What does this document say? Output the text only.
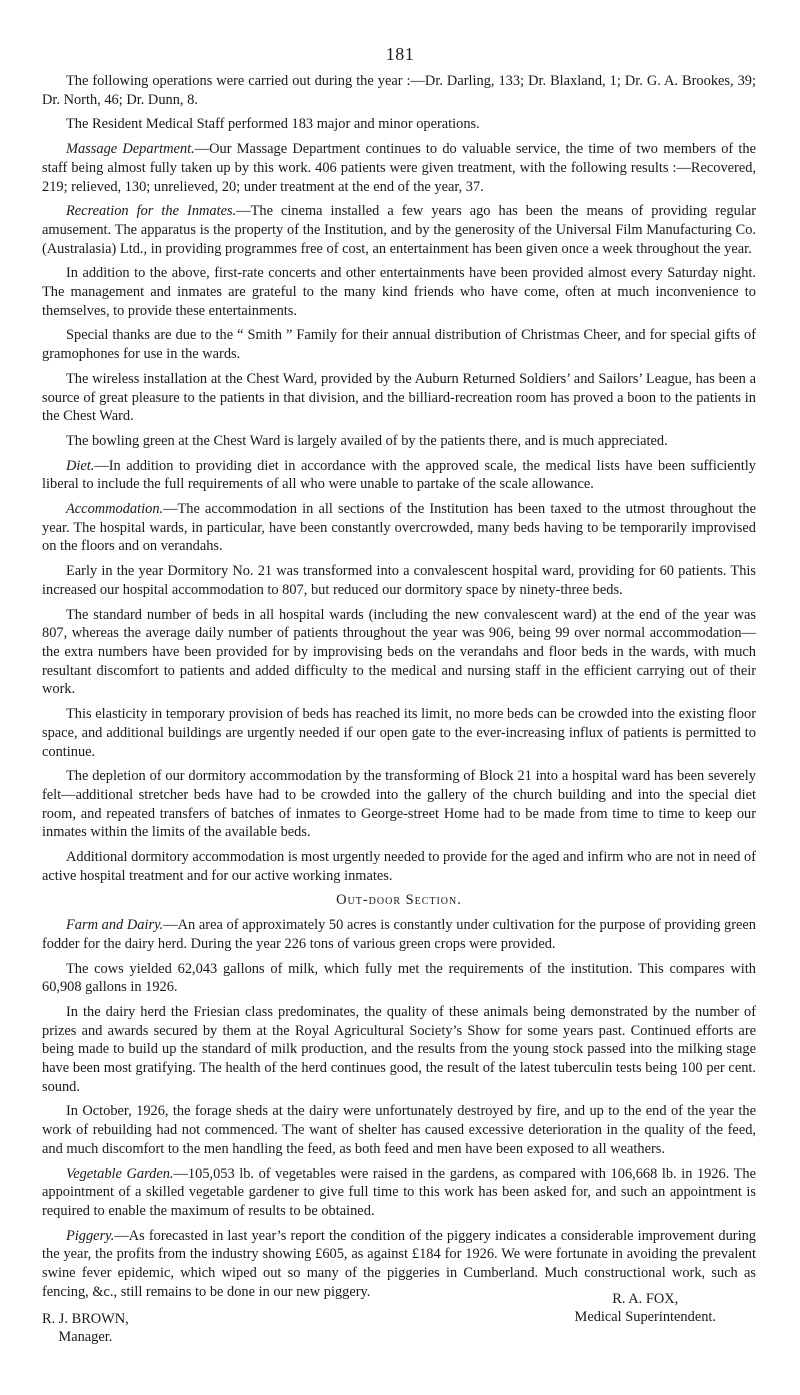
181

The following operations were carried out during the year :—Dr. Darling, 133; Dr. Blaxland, 1; Dr. G. A. Brookes, 39; Dr. North, 46; Dr. Dunn, 8.

The Resident Medical Staff performed 183 major and minor operations.

Massage Department.—Our Massage Department continues to do valuable service, the time of two members of the staff being almost fully taken up by this work. 406 patients were given treatment, with the following results :—Recovered, 219; relieved, 130; unrelieved, 20; under treatment at the end of the year, 37.

Recreation for the Inmates.—The cinema installed a few years ago has been the means of providing regular amusement. The apparatus is the property of the Institution, and by the generosity of the Universal Film Manufacturing Co. (Australasia) Ltd., in providing programmes free of cost, an entertainment has been given once a week throughout the year.

In addition to the above, first-rate concerts and other entertainments have been provided almost every Saturday night. The management and inmates are grateful to the many kind friends who have come, often at much inconvenience to themselves, to provide these entertainments.

Special thanks are due to the “ Smith ” Family for their annual distribution of Christmas Cheer, and for special gifts of gramophones for use in the wards.

The wireless installation at the Chest Ward, provided by the Auburn Returned Soldiers’ and Sailors’ League, has been a source of great pleasure to the patients in that division, and the billiard-recreation room has proved a boon to the patients in the Chest Ward.

The bowling green at the Chest Ward is largely availed of by the patients there, and is much appreciated.

Diet.—In addition to providing diet in accordance with the approved scale, the medical lists have been sufficiently liberal to include the full requirements of all who were unable to partake of the scale allowance.

Accommodation.—The accommodation in all sections of the Institution has been taxed to the utmost throughout the year. The hospital wards, in particular, have been constantly overcrowded, many beds having to be temporarily improvised on the floors and on verandahs.

Early in the year Dormitory No. 21 was transformed into a convalescent hospital ward, providing for 60 patients. This increased our hospital accommodation to 807, but reduced our dormitory space by ninety-three beds.

The standard number of beds in all hospital wards (including the new convalescent ward) at the end of the year was 807, whereas the average daily number of patients throughout the year was 906, being 99 over normal accommodation—the extra numbers have been provided for by improvising beds on the verandahs and floor beds in the wards, with much resultant discomfort to patients and added difficulty to the medical and nursing staff in the efficient carrying out of their work.

This elasticity in temporary provision of beds has reached its limit, no more beds can be crowded into the existing floor space, and additional buildings are urgently needed if our open gate to the ever-increasing influx of patients is permitted to continue.

The depletion of our dormitory accommodation by the transforming of Block 21 into a hospital ward has been severely felt—additional stretcher beds have had to be crowded into the gallery of the church building and into the special diet room, and repeated transfers of batches of inmates to George-street Home had to be made from time to time to keep our inmates within the limits of the available beds.

Additional dormitory accommodation is most urgently needed to provide for the aged and infirm who are not in need of active hospital treatment and for our active working inmates.

Out-door Section.

Farm and Dairy.—An area of approximately 50 acres is constantly under cultivation for the purpose of providing green fodder for the dairy herd. During the year 226 tons of various green crops were provided.

The cows yielded 62,043 gallons of milk, which fully met the requirements of the institution. This compares with 60,908 gallons in 1926.

In the dairy herd the Friesian class predominates, the quality of these animals being demonstrated by the number of prizes and awards secured by them at the Royal Agricultural Society’s Show for some years past. Continued efforts are being made to build up the standard of milk production, and the results from the young stock passed into the milking stage have been most gratifying. The health of the herd continues good, the result of the latest tuberculin tests being 100 per cent. sound.

In October, 1926, the forage sheds at the dairy were unfortunately destroyed by fire, and up to the end of the year the work of rebuilding had not commenced. The want of shelter has caused excessive deterioration in the quality of the feed, and much discomfort to the men handling the feed, as both feed and men have been exposed to all weathers.

Vegetable Garden.—105,053 lb. of vegetables were raised in the gardens, as compared with 106,668 lb. in 1926. The appointment of a skilled vegetable gardener to give full time to this work has been asked for, and such an appointment is required to enable the maximum of results to be obtained.

Piggery.—As forecasted in last year’s report the condition of the piggery indicates a considerable improvement during the year, the profits from the industry showing £605, as against £184 for 1926. We were fortunate in avoiding the prevalent swine fever epidemic, which wiped out so many of the piggeries in Cumberland. Much constructional work, such as fencing, &c., still remains to be done in our new piggery.	R. A. FOX,
Medical Superintendent.
R. J. BROWN,
Manager.
